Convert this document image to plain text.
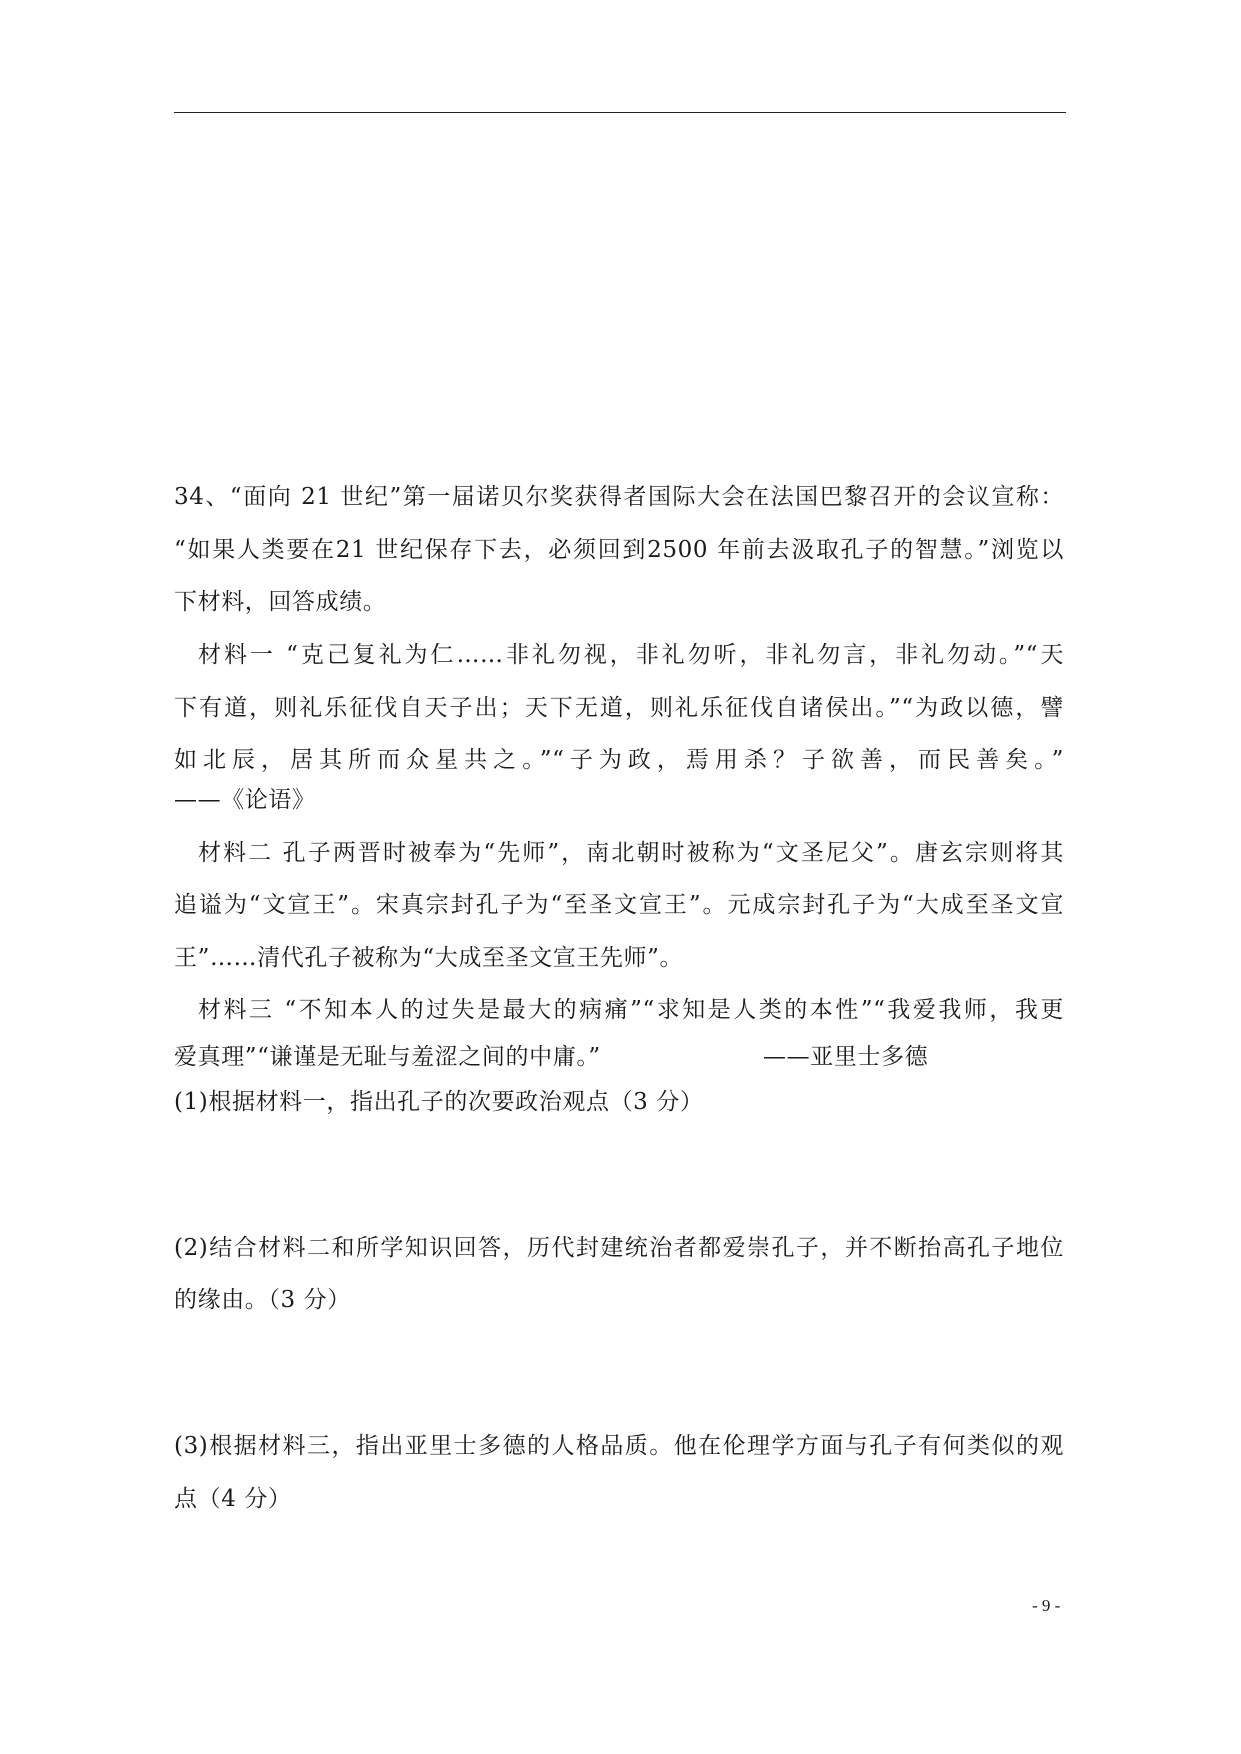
34、“面向 21 世纪”第一届诺贝尔奖获得者国际大会在法国巴黎召开的会议宣称：
“如果人类要在21 世纪保存下去，必须回到2500 年前去汲取孔子的智慧。”浏览以
下材料，回答成绩。
材料一 “克己复礼为仁……非礼勿视，非礼勿听，非礼勿言，非礼勿动。”“天
下有道，则礼乐征伐自天子出；天下无道，则礼乐征伐自诸侯出。”“为政以德，譬
如北辰，居其所而众星共之。”“子为政，焉用杀？子欲善，而民善矣。”
——《论语》
材料二 孔子两晋时被奉为“先师”，南北朝时被称为“文圣尼父”。唐玄宗则将其
追谥为“文宣王”。宋真宗封孔子为“至圣文宣王”。元成宗封孔子为“大成至圣文宣
王”……清代孔子被称为“大成至圣文宣王先师”。
材料三 “不知本人的过失是最大的病痛”“求知是人类的本性”“我爱我师，我更
爱真理”“谦谨是无耻与羞涩之间的中庸。”	——亚里士多德
(1)根据材料一，指出孔子的次要政治观点（3 分）
(2)结合材料二和所学知识回答，历代封建统治者都爱崇孔子，并不断抬高孔子地位
的缘由。（3 分）
(3)根据材料三，指出亚里士多德的人格品质。他在伦理学方面与孔子有何类似的观
点（4 分）
- 9 -
